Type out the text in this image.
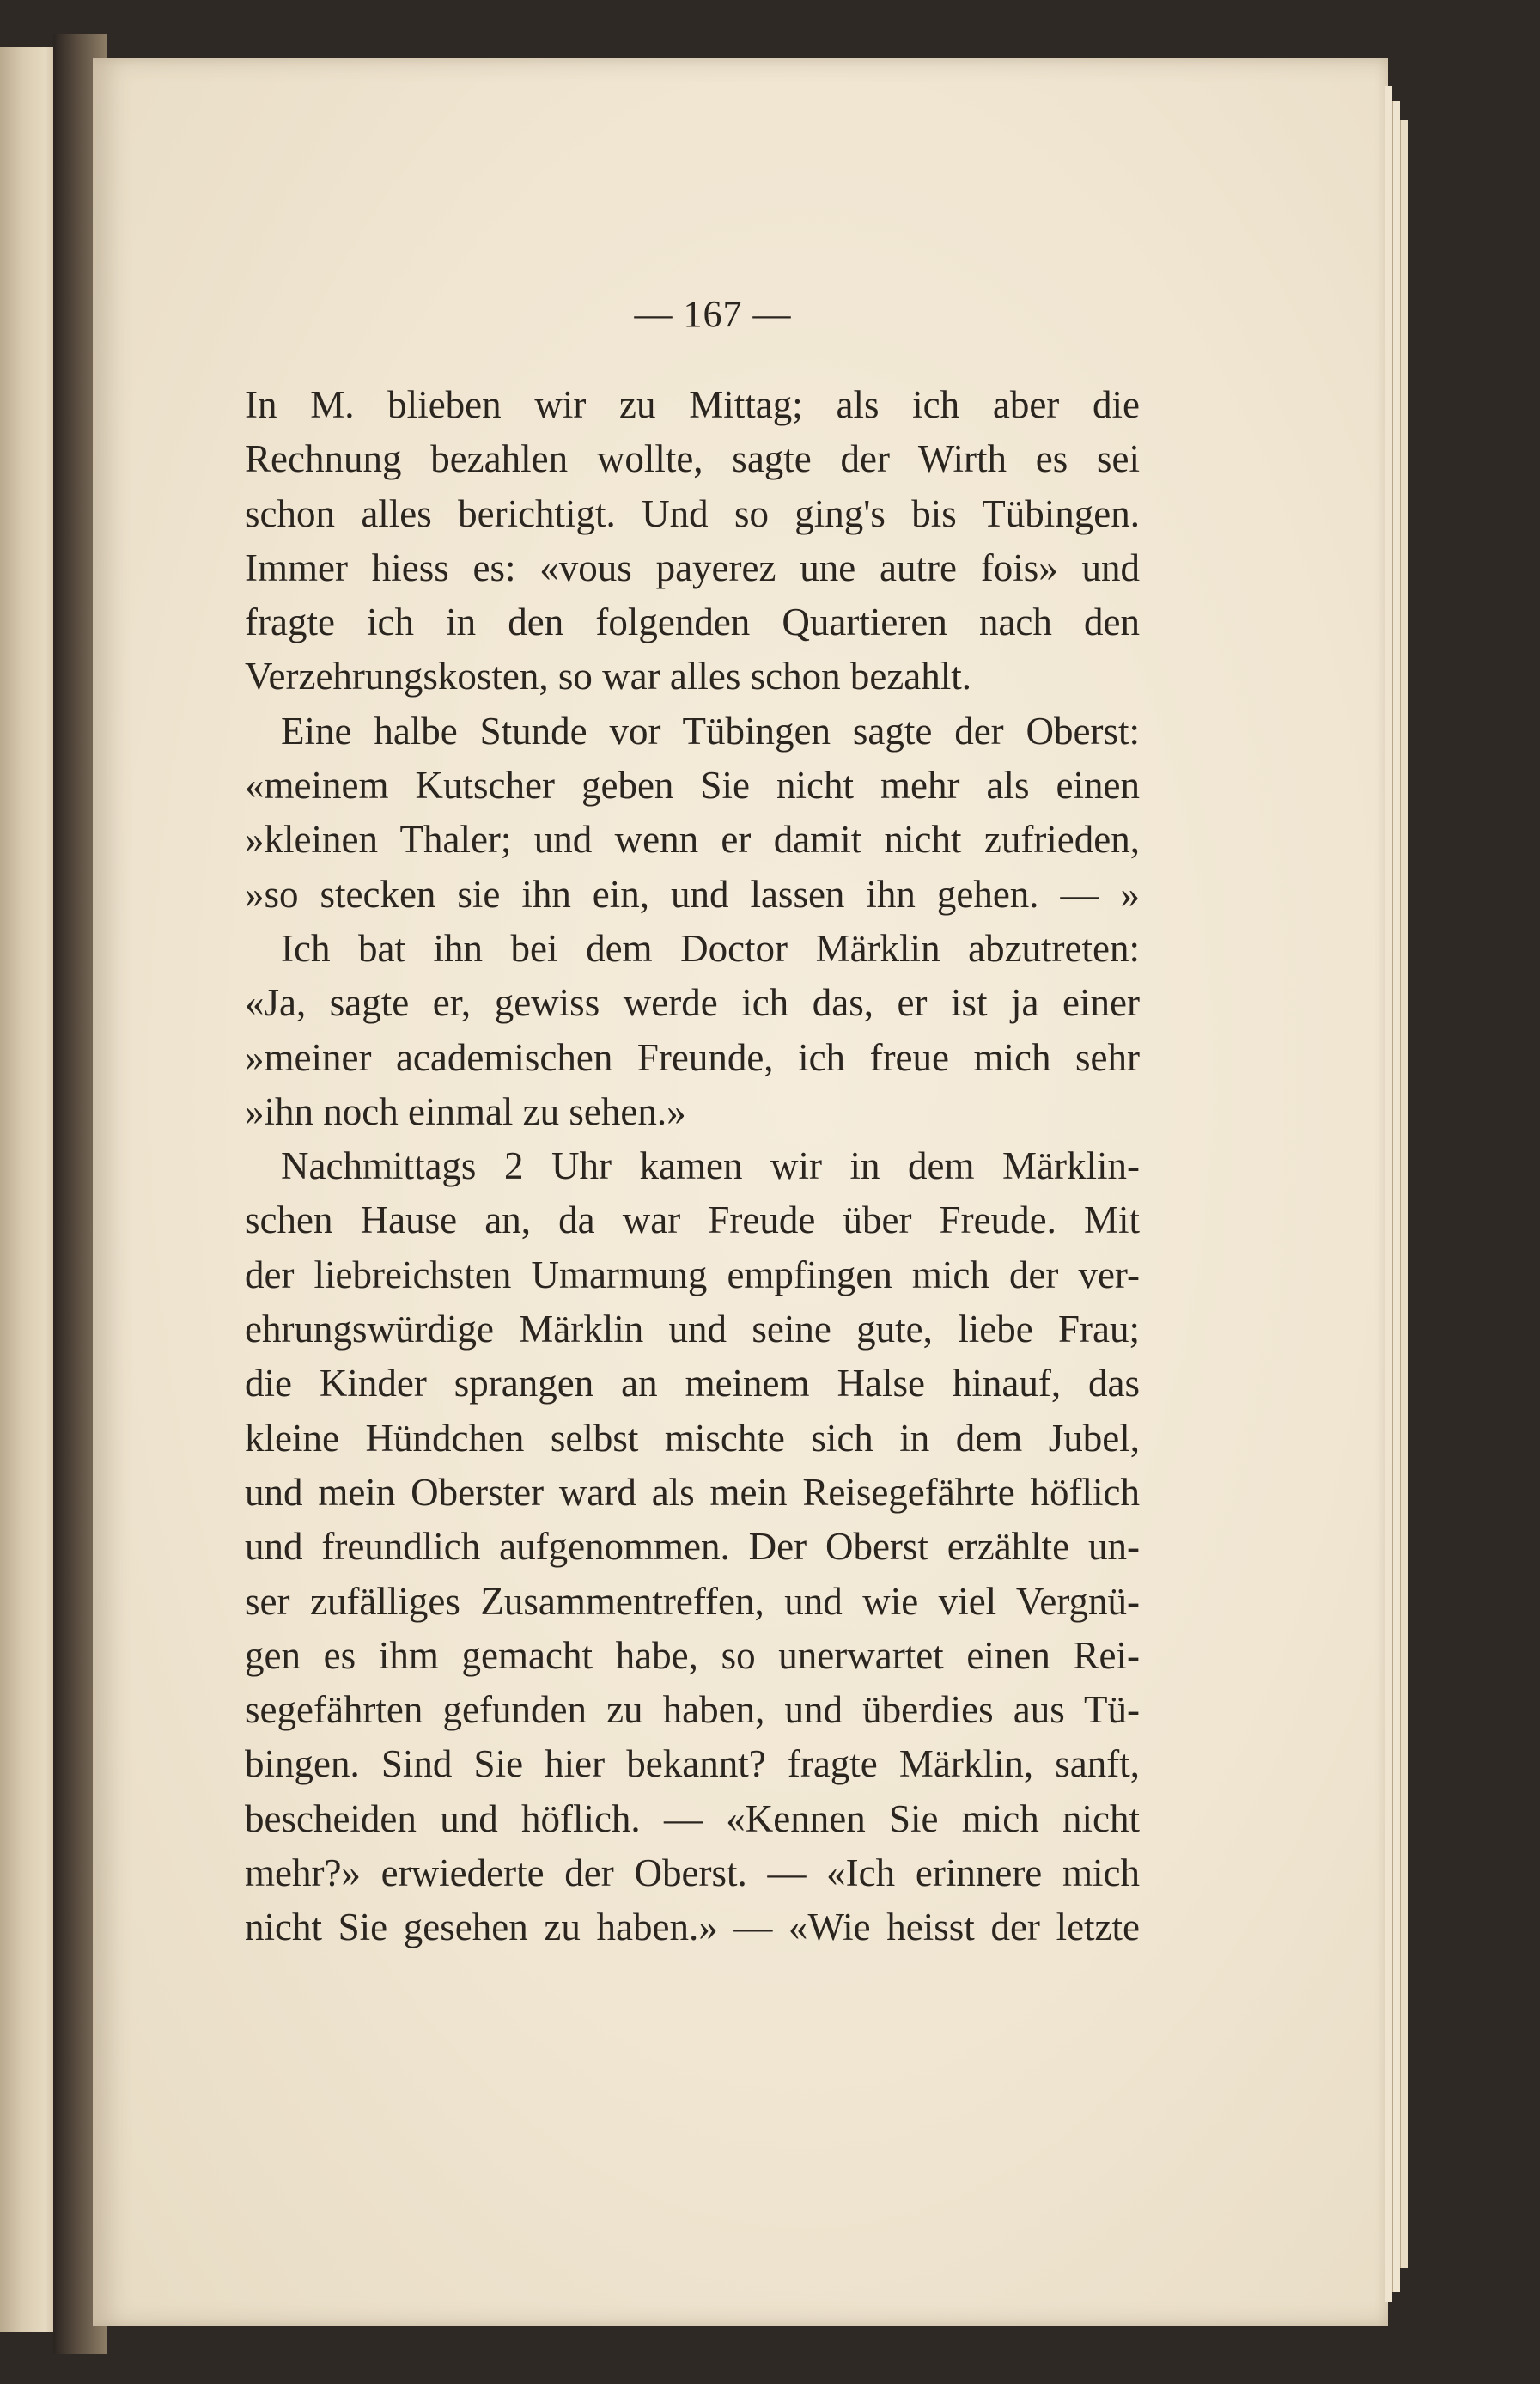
— 167 —
In M. blieben wir zu Mittag; als ich aber die
Rechnung bezahlen wollte, sagte der Wirth es sei
schon alles berichtigt. Und so ging's bis Tübingen.
Immer hiess es: «vous payerez une autre fois» und
fragte ich in den folgenden Quartieren nach den
Verzehrungskosten, so war alles schon bezahlt.
Eine halbe Stunde vor Tübingen sagte der Oberst:
«meinem Kutscher geben Sie nicht mehr als einen
»kleinen Thaler; und wenn er damit nicht zufrieden,
»so stecken sie ihn ein, und lassen ihn gehen. — »
Ich bat ihn bei dem Doctor Märklin abzutreten:
«Ja, sagte er, gewiss werde ich das, er ist ja einer
»meiner academischen Freunde, ich freue mich sehr
»ihn noch einmal zu sehen.»
Nachmittags 2 Uhr kamen wir in dem Märklin-
schen Hause an, da war Freude über Freude. Mit
der liebreichsten Umarmung empfingen mich der ver-
ehrungswürdige Märklin und seine gute, liebe Frau;
die Kinder sprangen an meinem Halse hinauf, das
kleine Hündchen selbst mischte sich in dem Jubel,
und mein Oberster ward als mein Reisegefährte höflich
und freundlich aufgenommen. Der Oberst erzählte un-
ser zufälliges Zusammentreffen, und wie viel Vergnü-
gen es ihm gemacht habe, so unerwartet einen Rei-
segefährten gefunden zu haben, und überdies aus Tü-
bingen. Sind Sie hier bekannt? fragte Märklin, sanft,
bescheiden und höflich. — «Kennen Sie mich nicht
mehr?» erwiederte der Oberst. — «Ich erinnere mich
nicht Sie gesehen zu haben.» — «Wie heisst der letzte
